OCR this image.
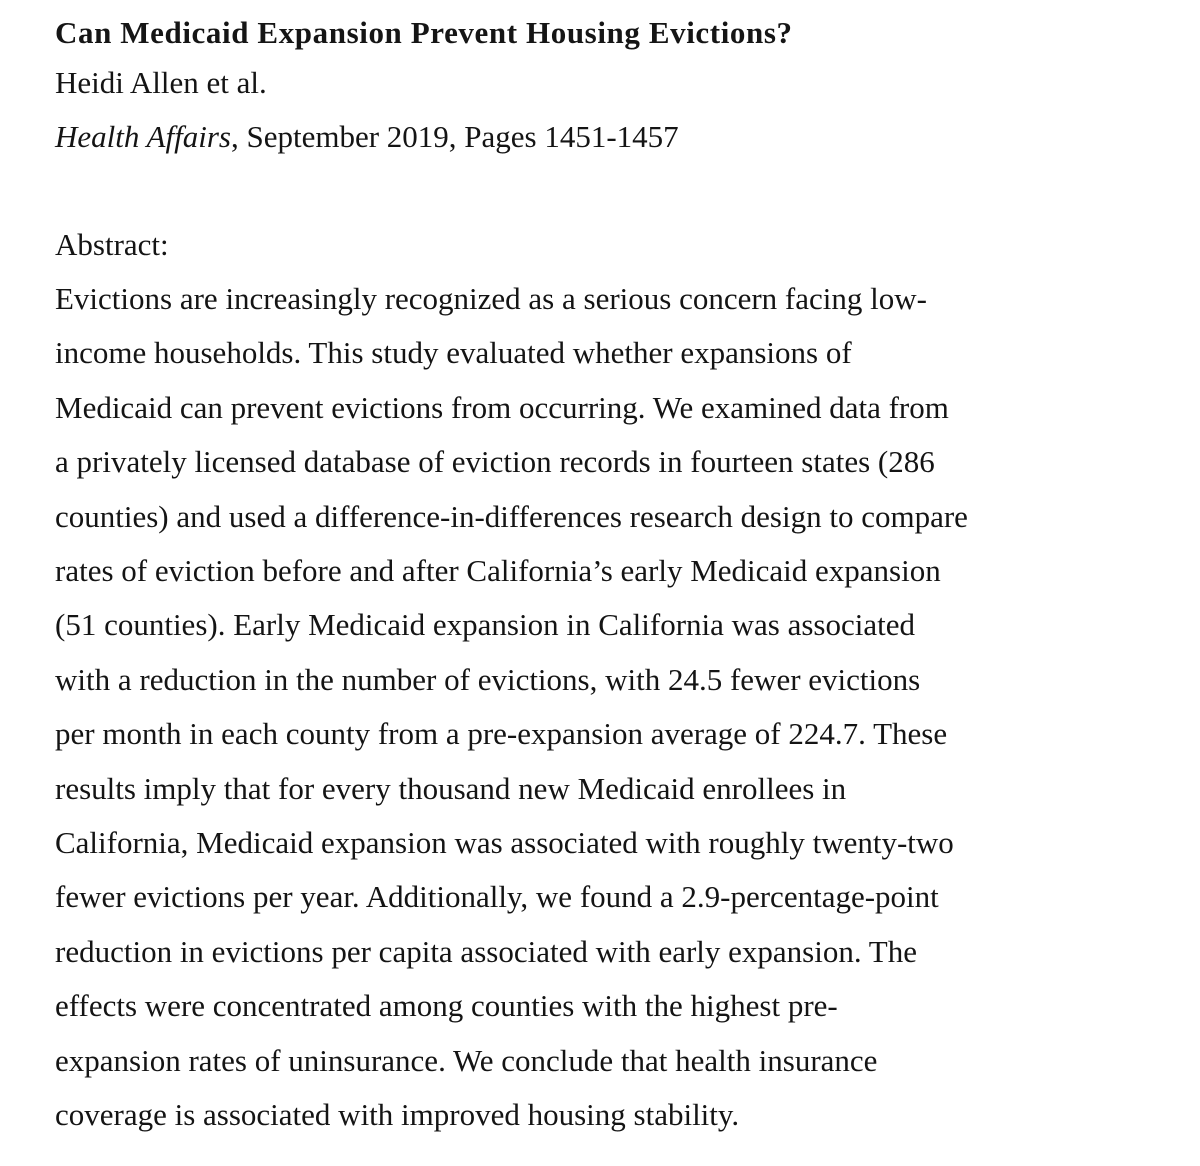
Can Medicaid Expansion Prevent Housing Evictions?

Heidi Allen et al.

Health Affairs, September 2019, Pages 1451-1457

Abstract:

Evictions are increasingly recognized as a serious concern facing low-

income households. This study evaluated whether expansions of

Medicaid can prevent evictions from occurring. We examined data from

a privately licensed database of eviction records in fourteen states (286

counties) and used a difference-in-differences research design to compare

rates of eviction before and after California’s early Medicaid expansion

(51 counties). Early Medicaid expansion in California was associated

with a reduction in the number of evictions, with 24.5 fewer evictions

per month in each county from a pre-expansion average of 224.7. These

results imply that for every thousand new Medicaid enrollees in

California, Medicaid expansion was associated with roughly twenty-two

fewer evictions per year. Additionally, we found a 2.9-percentage-point

reduction in evictions per capita associated with early expansion. The

effects were concentrated among counties with the highest pre-

expansion rates of uninsurance. We conclude that health insurance

coverage is associated with improved housing stability.
